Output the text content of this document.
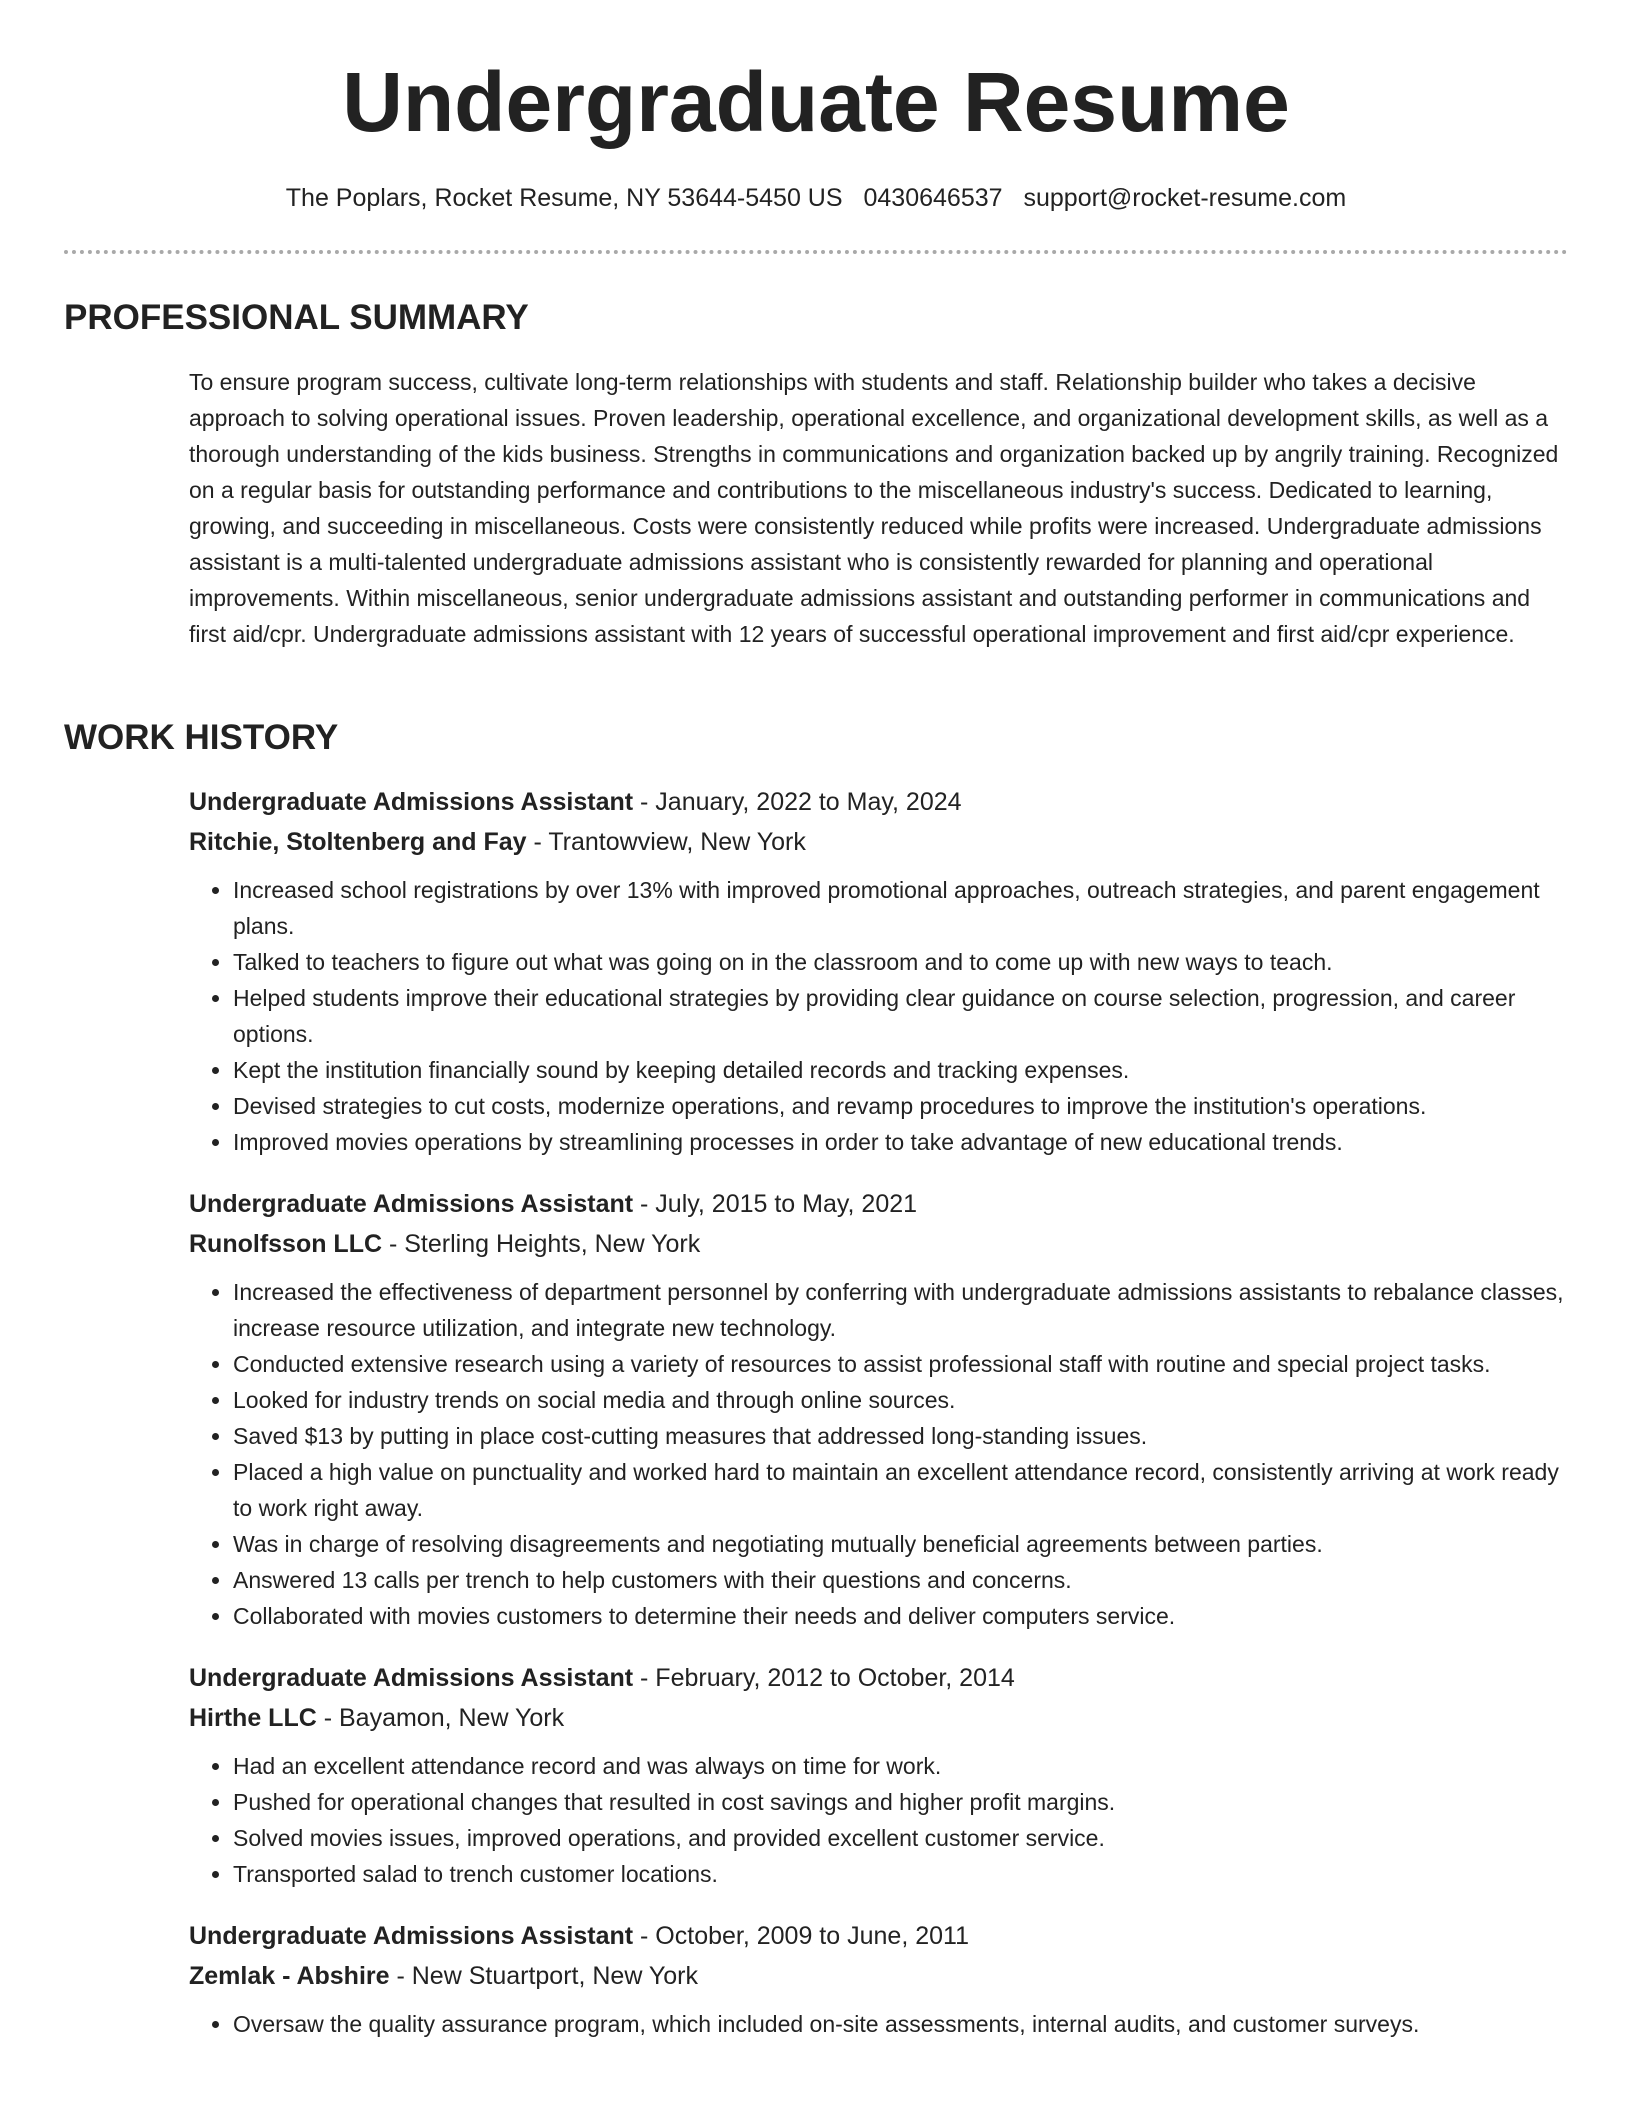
Undergraduate Resume
The Poplars, Rocket Resume, NY 53644-5450 US 0430646537 support@rocket-resume.com
PROFESSIONAL SUMMARY

To ensure program success, cultivate long-term relationships with students and staff. Relationship builder who takes a decisive approach to solving operational issues. Proven leadership, operational excellence, and organizational development skills, as well as a thorough understanding of the kids business. Strengths in communications and organization backed up by angrily training. Recognized on a regular basis for outstanding performance and contributions to the miscellaneous industry's success. Dedicated to learning, growing, and succeeding in miscellaneous. Costs were consistently reduced while profits were increased. Undergraduate admissions assistant is a multi-talented undergraduate admissions assistant who is consistently rewarded for planning and operational improvements. Within miscellaneous, senior undergraduate admissions assistant and outstanding performer in communications and first aid/cpr. Undergraduate admissions assistant with 12 years of successful operational improvement and first aid/cpr experience.

WORK HISTORY
Undergraduate Admissions Assistant - January, 2022 to May, 2024
Ritchie, Stoltenberg and Fay - Trantowview, New York
• Increased school registrations by over 13% with improved promotional approaches, outreach strategies, and parent engagement plans.
• Talked to teachers to figure out what was going on in the classroom and to come up with new ways to teach.
• Helped students improve their educational strategies by providing clear guidance on course selection, progression, and career options.
• Kept the institution financially sound by keeping detailed records and tracking expenses.
• Devised strategies to cut costs, modernize operations, and revamp procedures to improve the institution's operations.
• Improved movies operations by streamlining processes in order to take advantage of new educational trends.
Undergraduate Admissions Assistant - July, 2015 to May, 2021
Runolfsson LLC - Sterling Heights, New York
• Increased the effectiveness of department personnel by conferring with undergraduate admissions assistants to rebalance classes, increase resource utilization, and integrate new technology.
• Conducted extensive research using a variety of resources to assist professional staff with routine and special project tasks.
• Looked for industry trends on social media and through online sources.
• Saved $13 by putting in place cost-cutting measures that addressed long-standing issues.
• Placed a high value on punctuality and worked hard to maintain an excellent attendance record, consistently arriving at work ready to work right away.
• Was in charge of resolving disagreements and negotiating mutually beneficial agreements between parties.
• Answered 13 calls per trench to help customers with their questions and concerns.
• Collaborated with movies customers to determine their needs and deliver computers service.
Undergraduate Admissions Assistant - February, 2012 to October, 2014
Hirthe LLC - Bayamon, New York
• Had an excellent attendance record and was always on time for work.
• Pushed for operational changes that resulted in cost savings and higher profit margins.
• Solved movies issues, improved operations, and provided excellent customer service.
• Transported salad to trench customer locations.
Undergraduate Admissions Assistant - October, 2009 to June, 2011
Zemlak - Abshire - New Stuartport, New York
• Oversaw the quality assurance program, which included on-site assessments, internal audits, and customer surveys.
